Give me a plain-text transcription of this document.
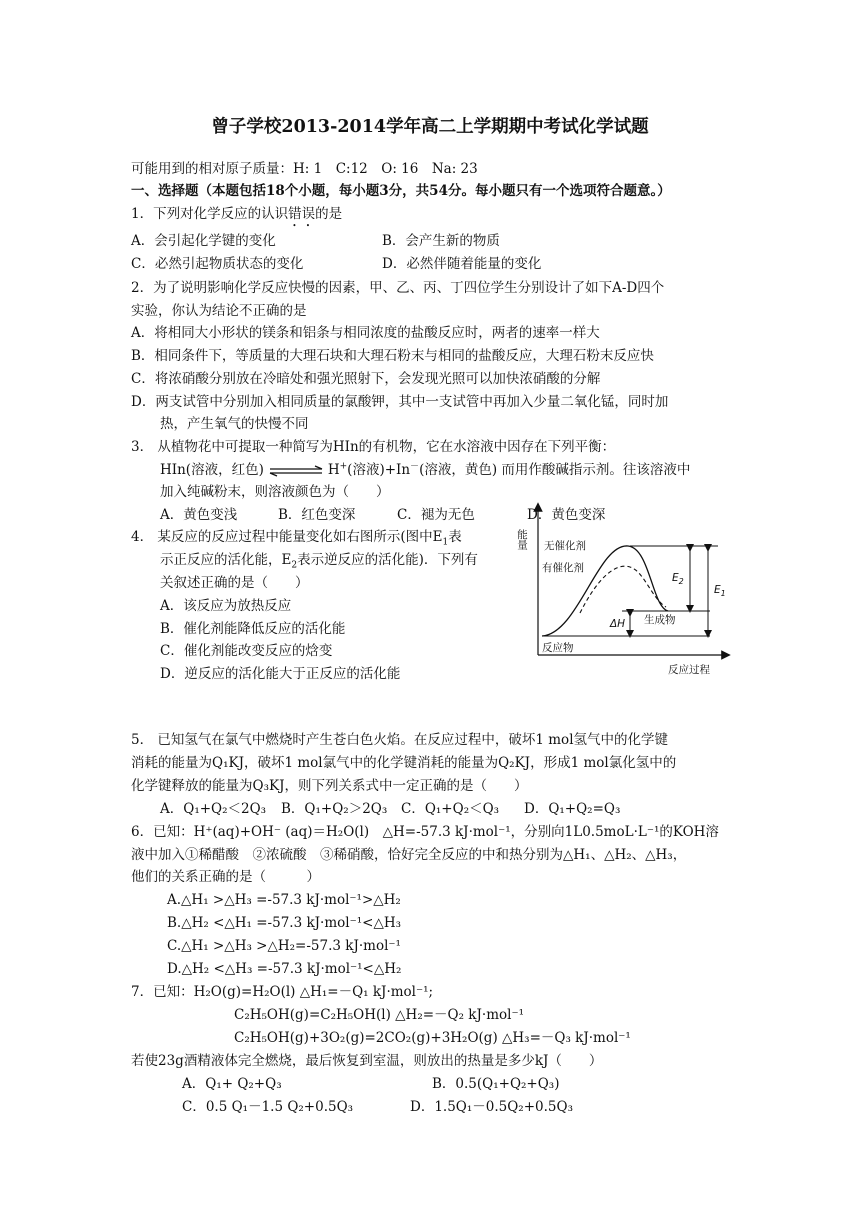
曾子学校2013-2014学年高二上学期期中考试化学试题
可能用到的相对原子质量：H: 1　C:12　O: 16　Na: 23
一、选择题（本题包括18个小题，每小题3分，共54分。每小题只有一个选项符合题意。）
1．下列对化学反应的认识错误的是
A．会引起化学键的变化	B．会产生新的物质
C．必然引起物质状态的变化	D．必然伴随着能量的变化
2．为了说明影响化学反应快慢的因素，甲、乙、丙、丁四位学生分别设计了如下A-D四个
实验，你认为结论不正确的是
A．将相同大小形状的镁条和铝条与相同浓度的盐酸反应时，两者的速率一样大
B．相同条件下，等质量的大理石块和大理石粉末与相同的盐酸反应，大理石粉末反应快
C．将浓硝酸分别放在冷暗处和强光照射下，会发现光照可以加快浓硝酸的分解
D．两支试管中分别加入相同质量的氯酸钾，其中一支试管中再加入少量二氧化锰，同时加
热，产生氧气的快慢不同
3． 从植物花中可提取一种简写为HIn的有机物，它在水溶液中因存在下列平衡：
HIn(溶液，红色)	H+(溶液)+In－(溶液，黄色) 而用作酸碱指示剂。往该溶液中
加入纯碱粉末，则溶液颜色为（　　）
A．黄色变浅	B．红色变深	C．褪为无色	D．黄色变深
4． 某反应的反应过程中能量变化如右图所示(图中$E_1$表
示正反应的活化能，$E_2$表示逆反应的活化能)．下列有
关叙述正确的是（　　）
A．该反应为放热反应
B．催化剂能降低反应的活化能
C．催化剂能改变反应的焓变
D．逆反应的活化能大于正反应的活化能
能量 无催化剂
有催化剂
$E_2$
$E_1$
ΔH 生成物
反应物
反应过程
5． 已知氢气在氯气中燃烧时产生苍白色火焰。在反应过程中，破坏1 mol氢气中的化学键
消耗的能量为Q₁KJ，破坏1 mol氯气中的化学键消耗的能量为Q₂KJ，形成1 mol氯化氢中的
化学键释放的能量为Q₃KJ，则下列关系式中一定正确的是（　　）
A．Q₁+Q₂＜2Q₃ B．Q₁+Q₂＞2Q₃ C．Q₁+Q₂＜Q₃ D．Q₁+Q₂=Q₃
6．已知：H⁺(aq)+OH⁻ (aq)＝H₂O(l)　△H=-57.3 kJ·mol⁻¹，分别向1L0.5moL·L⁻¹的KOH溶
液中加入①稀醋酸　②浓硫酸　③稀硝酸，恰好完全反应的中和热分别为△H₁、△H₂、△H₃，
他们的关系正确的是（　　　）
A.△H₁ >△H₃ =-57.3 kJ·mol⁻¹>△H₂
B.△H₂ <△H₁ =-57.3 kJ·mol⁻¹<△H₃
C.△H₁ >△H₃ >△H₂=-57.3 kJ·mol⁻¹
D.△H₂ <△H₃ =-57.3 kJ·mol⁻¹<△H₂
7．已知：H₂O(g)=H₂O(l) △H₁=－Q₁ kJ·mol⁻¹;
C₂H₅OH(g)=C₂H₅OH(l) △H₂=－Q₂ kJ·mol⁻¹
C₂H₅OH(g)+3O₂(g)=2CO₂(g)+3H₂O(g) △H₃=－Q₃ kJ·mol⁻¹
若使23g酒精液体完全燃烧，最后恢复到室温，则放出的热量是多少kJ（　　）
A．Q₁+ Q₂+Q₃	B．0.5(Q₁+Q₂+Q₃)
C．0.5 Q₁－1.5 Q₂+0.5Q₃	D．1.5Q₁－0.5Q₂+0.5Q₃
